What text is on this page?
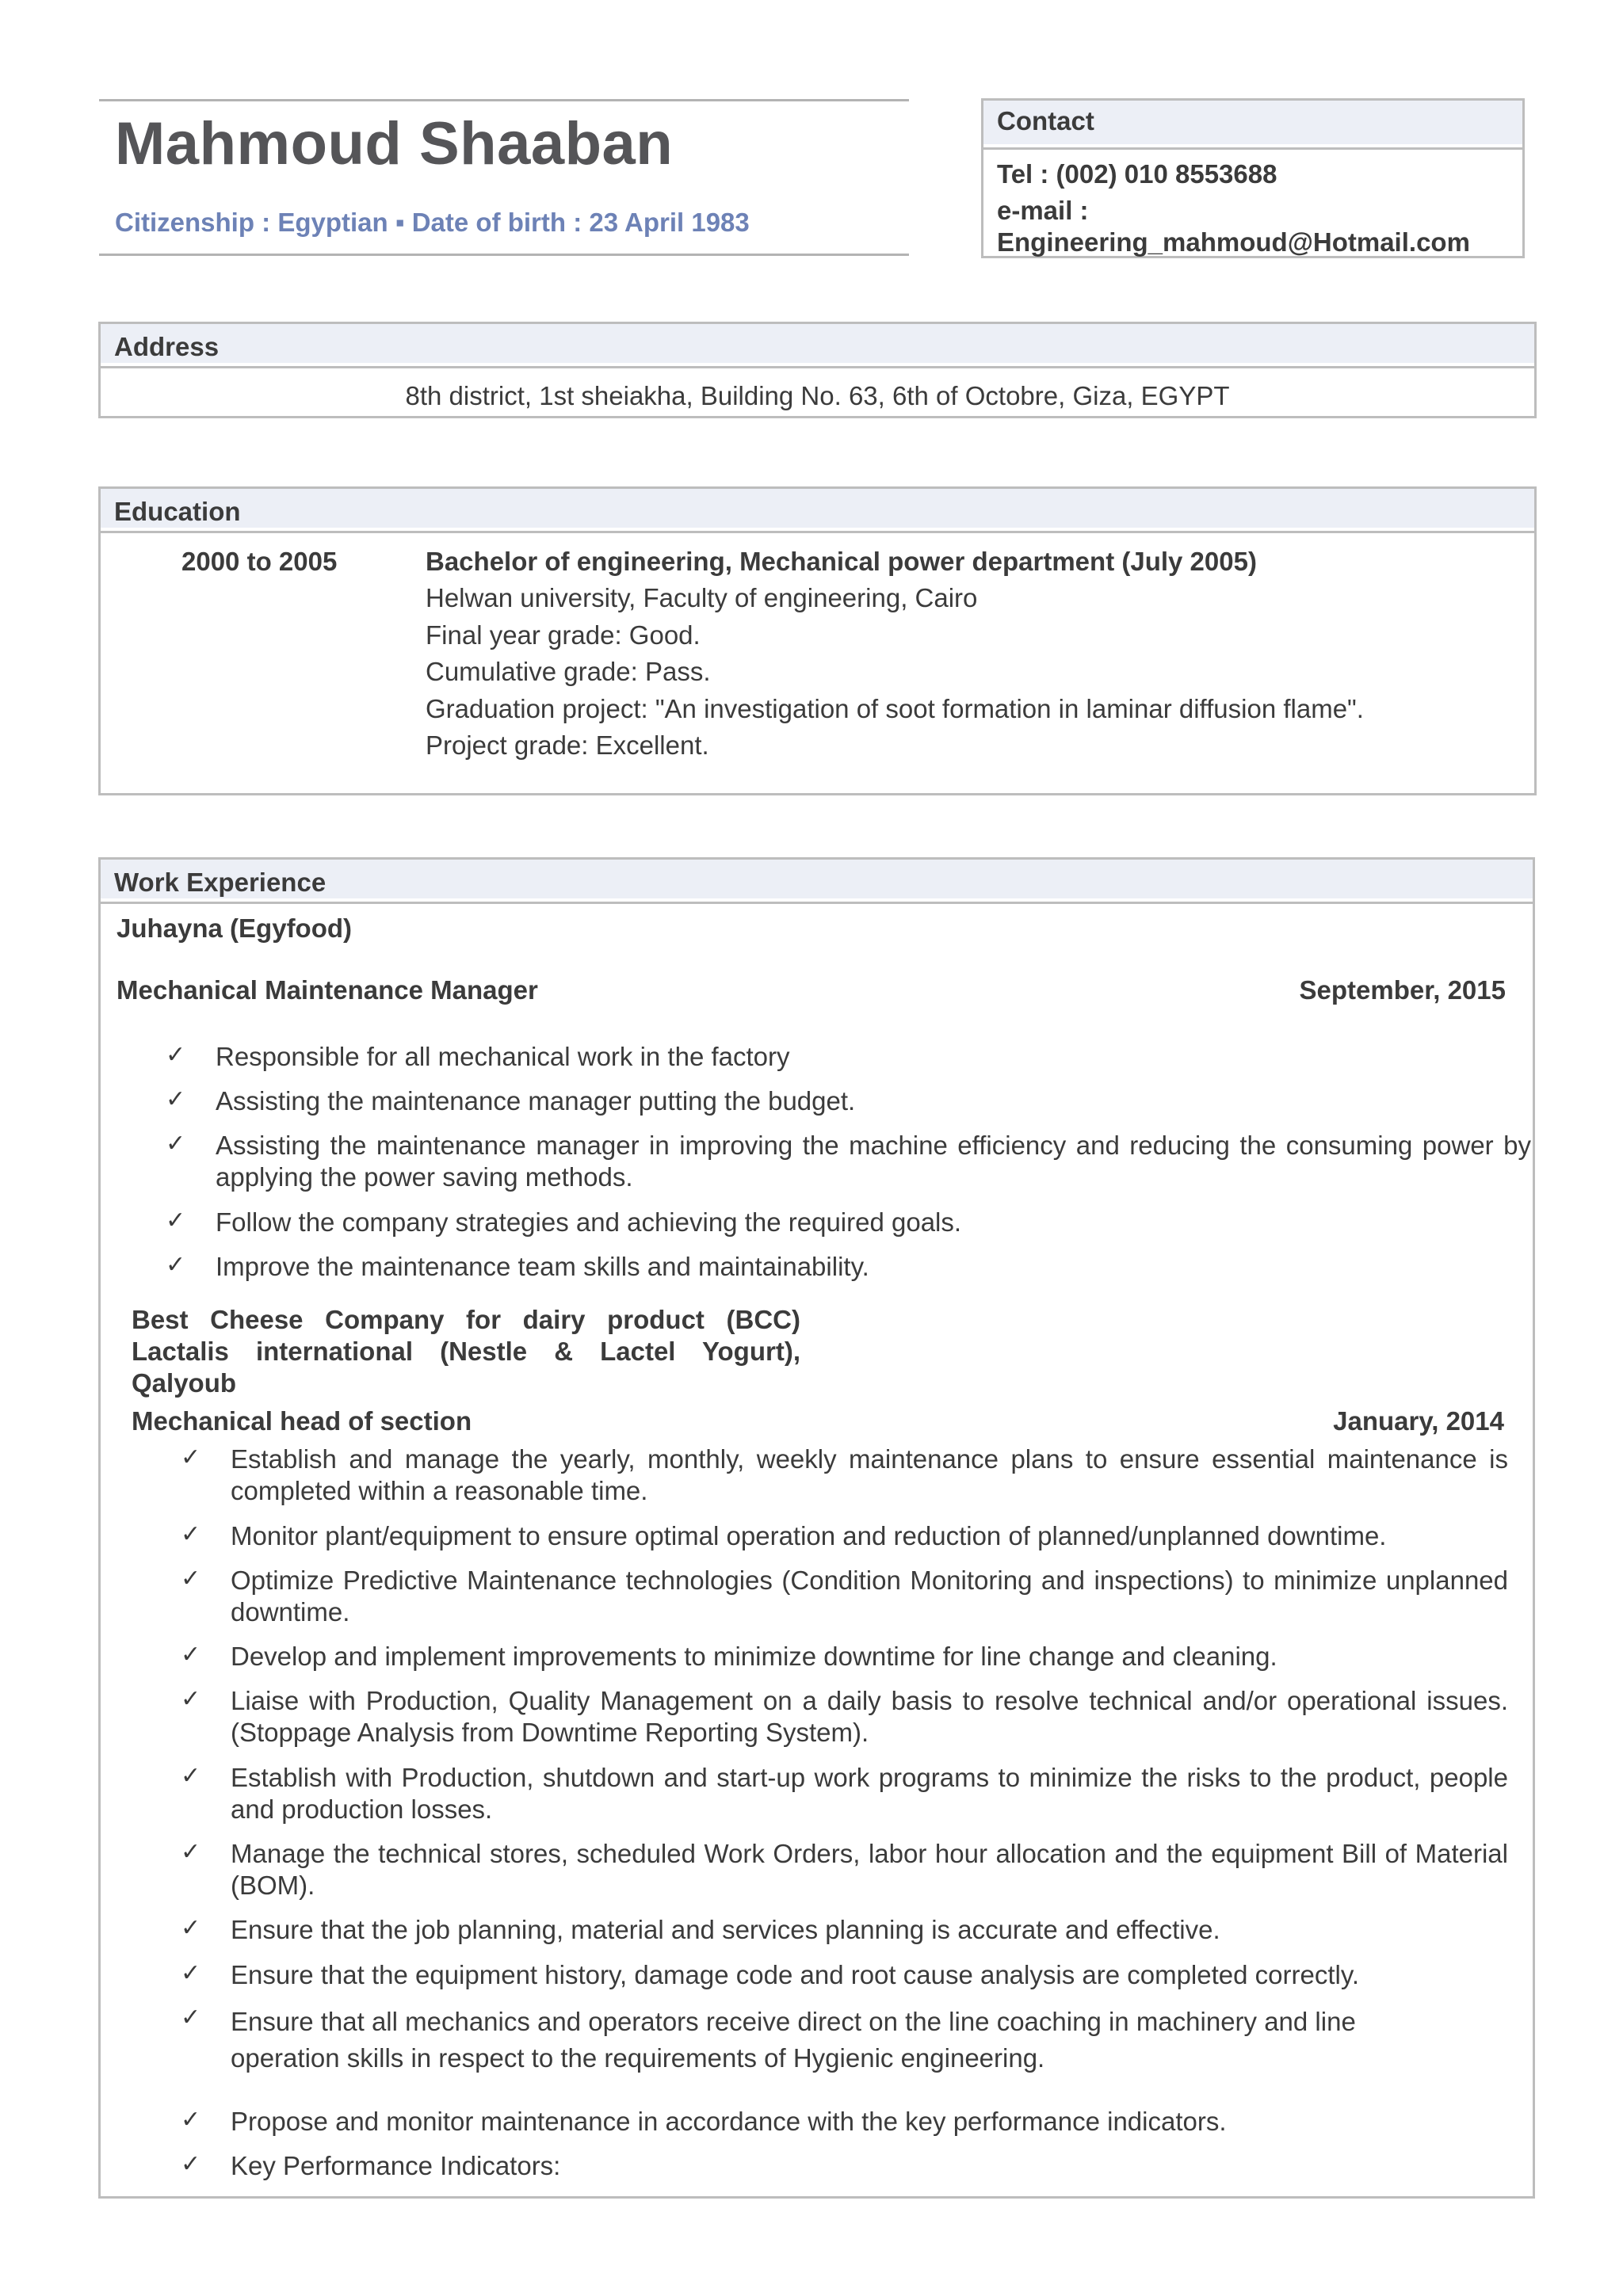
Mahmoud Shaaban
Citizenship : Egyptian ▪ Date of birth : 23 April 1983
Contact
Tel : (002) 010 8553688
e-mail :
Engineering_mahmoud@Hotmail.com
Address
8th district, 1st sheiakha, Building No. 63, 6th of Octobre, Giza, EGYPT
Education
2000 to 2005	Bachelor of engineering, Mechanical power department (July 2005)
Helwan university, Faculty of engineering, Cairo
Final year grade: Good.
Cumulative grade: Pass.
Graduation project: "An investigation of soot formation in laminar diffusion flame".
Project grade: Excellent.
Work Experience
Juhayna (Egyfood)
Mechanical Maintenance Manager	September, 2015
✓ Responsible for all mechanical work in the factory
✓ Assisting the maintenance manager putting the budget.
✓ Assisting the maintenance manager in improving the machine efficiency and reducing the consuming power by applying the power saving methods.
✓ Follow the company strategies and achieving the required goals.
✓ Improve the maintenance team skills and maintainability.
Best Cheese Company for dairy product (BCC)
Lactalis international (Nestle & Lactel Yogurt),
Qalyoub
Mechanical head of section	January, 2014
✓ Establish and manage the yearly, monthly, weekly maintenance plans to ensure essential maintenance is completed within a reasonable time.
✓ Monitor plant/equipment to ensure optimal operation and reduction of planned/unplanned downtime.
✓ Optimize Predictive Maintenance technologies (Condition Monitoring and inspections) to minimize unplanned downtime.
✓ Develop and implement improvements to minimize downtime for line change and cleaning.
✓ Liaise with Production, Quality Management on a daily basis to resolve technical and/or operational issues. (Stoppage Analysis from Downtime Reporting System).
✓ Establish with Production, shutdown and start-up work programs to minimize the risks to the product, people and production losses.
✓ Manage the technical stores, scheduled Work Orders, labor hour allocation and the equipment Bill of Material (BOM).
✓ Ensure that the job planning, material and services planning is accurate and effective.
✓ Ensure that the equipment history, damage code and root cause analysis are completed correctly.
✓ Ensure that all mechanics and operators receive direct on the line coaching in machinery and line operation skills in respect to the requirements of Hygienic engineering.
✓ Propose and monitor maintenance in accordance with the key performance indicators.
✓ Key Performance Indicators:
